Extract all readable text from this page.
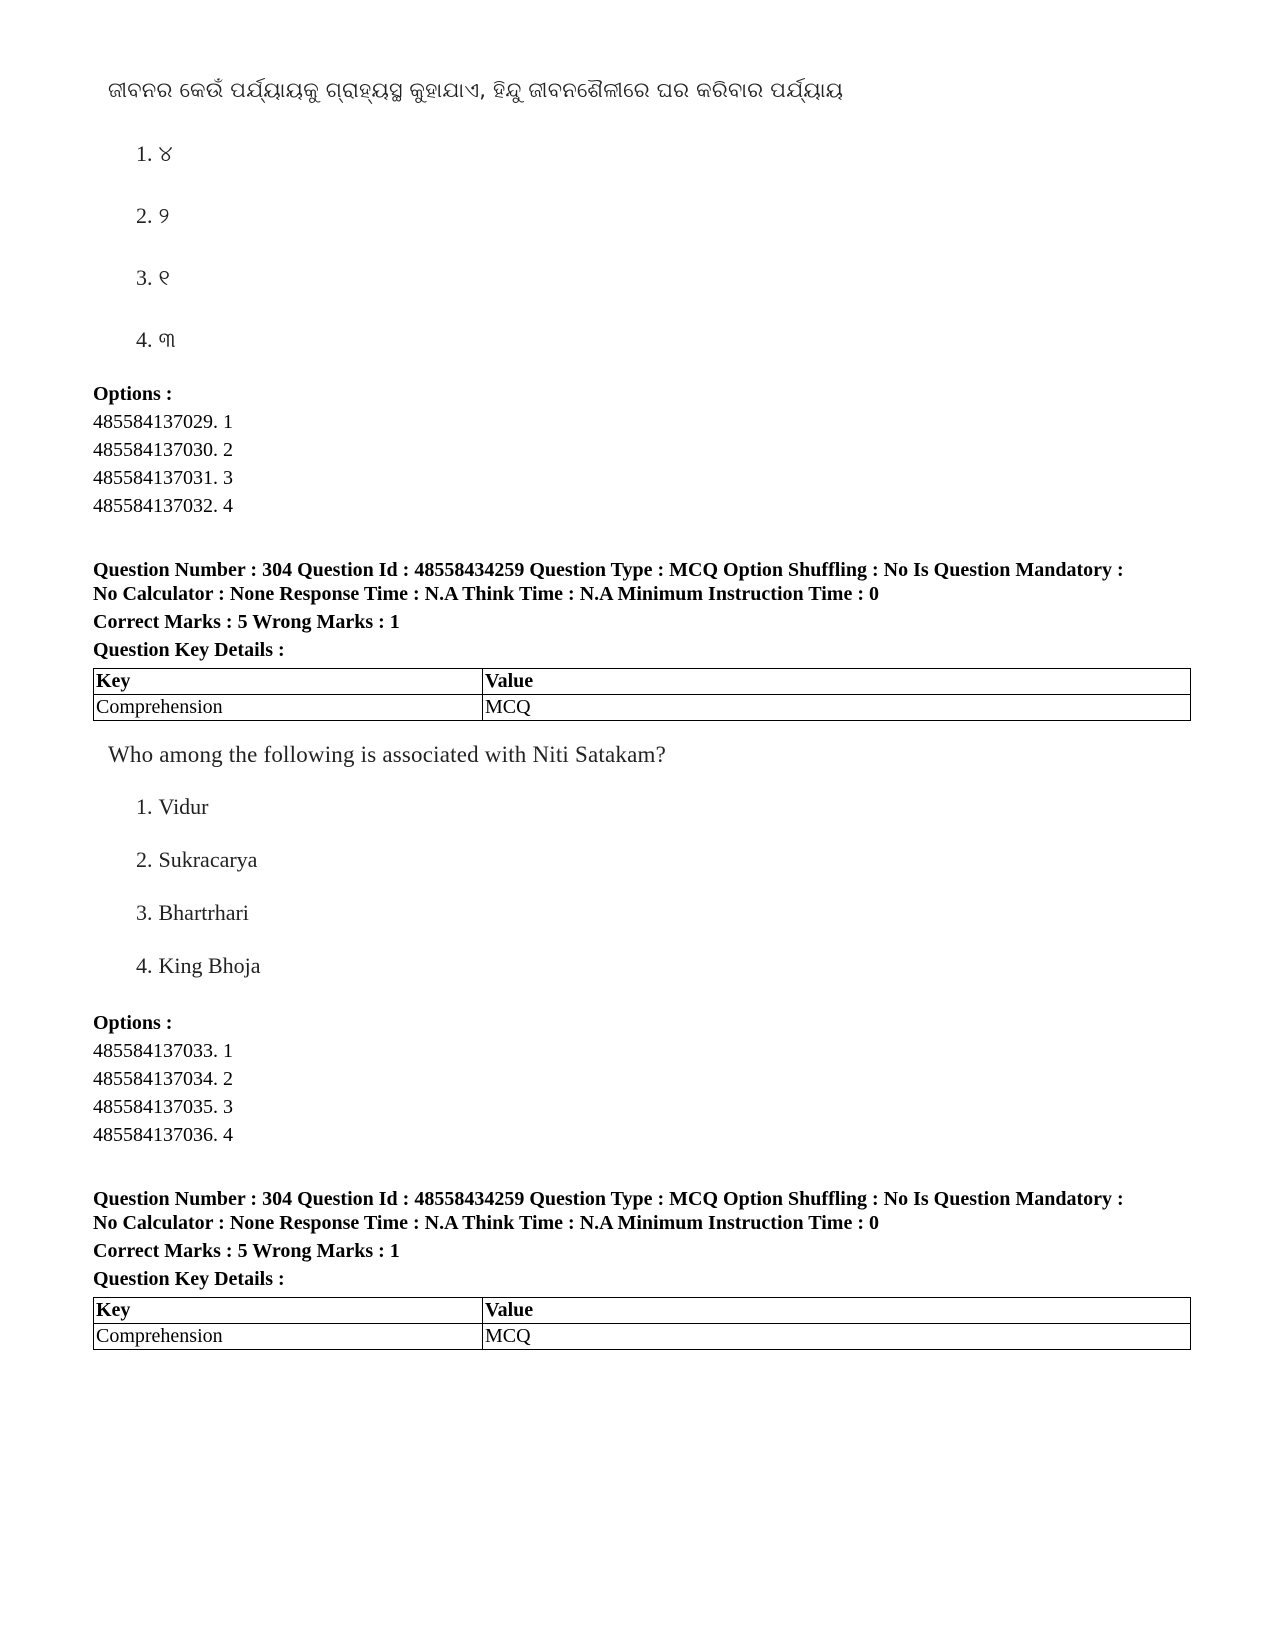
ଜୀବନର କେଉଁ ପର୍ଯ୍ୟାୟକୁ ଗ୍ରାହ୍ୟସ୍ଥ କୁହାଯାଏ, ହିନ୍ଦୁ ଜୀବନଶୈଳୀରେ ଘର କରିବାର ପର୍ଯ୍ୟାୟ
1. ୪
2. ୨
3. ୧
4. ୩
Options :
485584137029. 1
485584137030. 2
485584137031. 3
485584137032. 4
Question Number : 304 Question Id : 48558434259 Question Type : MCQ Option Shuffling : No Is Question Mandatory :
No Calculator : None Response Time : N.A Think Time : N.A Minimum Instruction Time : 0
Correct Marks : 5 Wrong Marks : 1
Question Key Details :
Key	Value
Comprehension	MCQ
Who among the following is associated with Niti Satakam?
1. Vidur
2. Sukracarya
3. Bhartrhari
4. King Bhoja
Options :
485584137033. 1
485584137034. 2
485584137035. 3
485584137036. 4
Question Number : 304 Question Id : 48558434259 Question Type : MCQ Option Shuffling : No Is Question Mandatory :
No Calculator : None Response Time : N.A Think Time : N.A Minimum Instruction Time : 0
Correct Marks : 5 Wrong Marks : 1
Question Key Details :
Key	Value
Comprehension	MCQ
